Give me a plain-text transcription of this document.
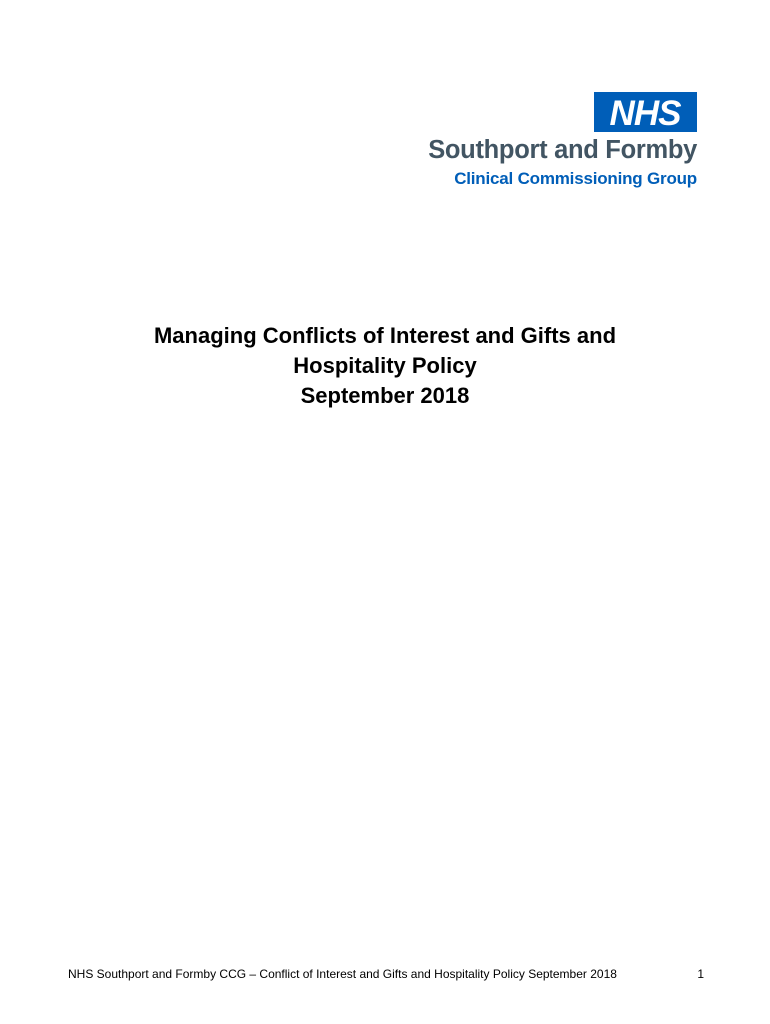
NHS
Southport and Formby
Clinical Commissioning Group
Managing Conflicts of Interest and Gifts and
Hospitality Policy
September 2018
NHS Southport and Formby CCG – Conflict of Interest and Gifts and Hospitality Policy September 2018	1
